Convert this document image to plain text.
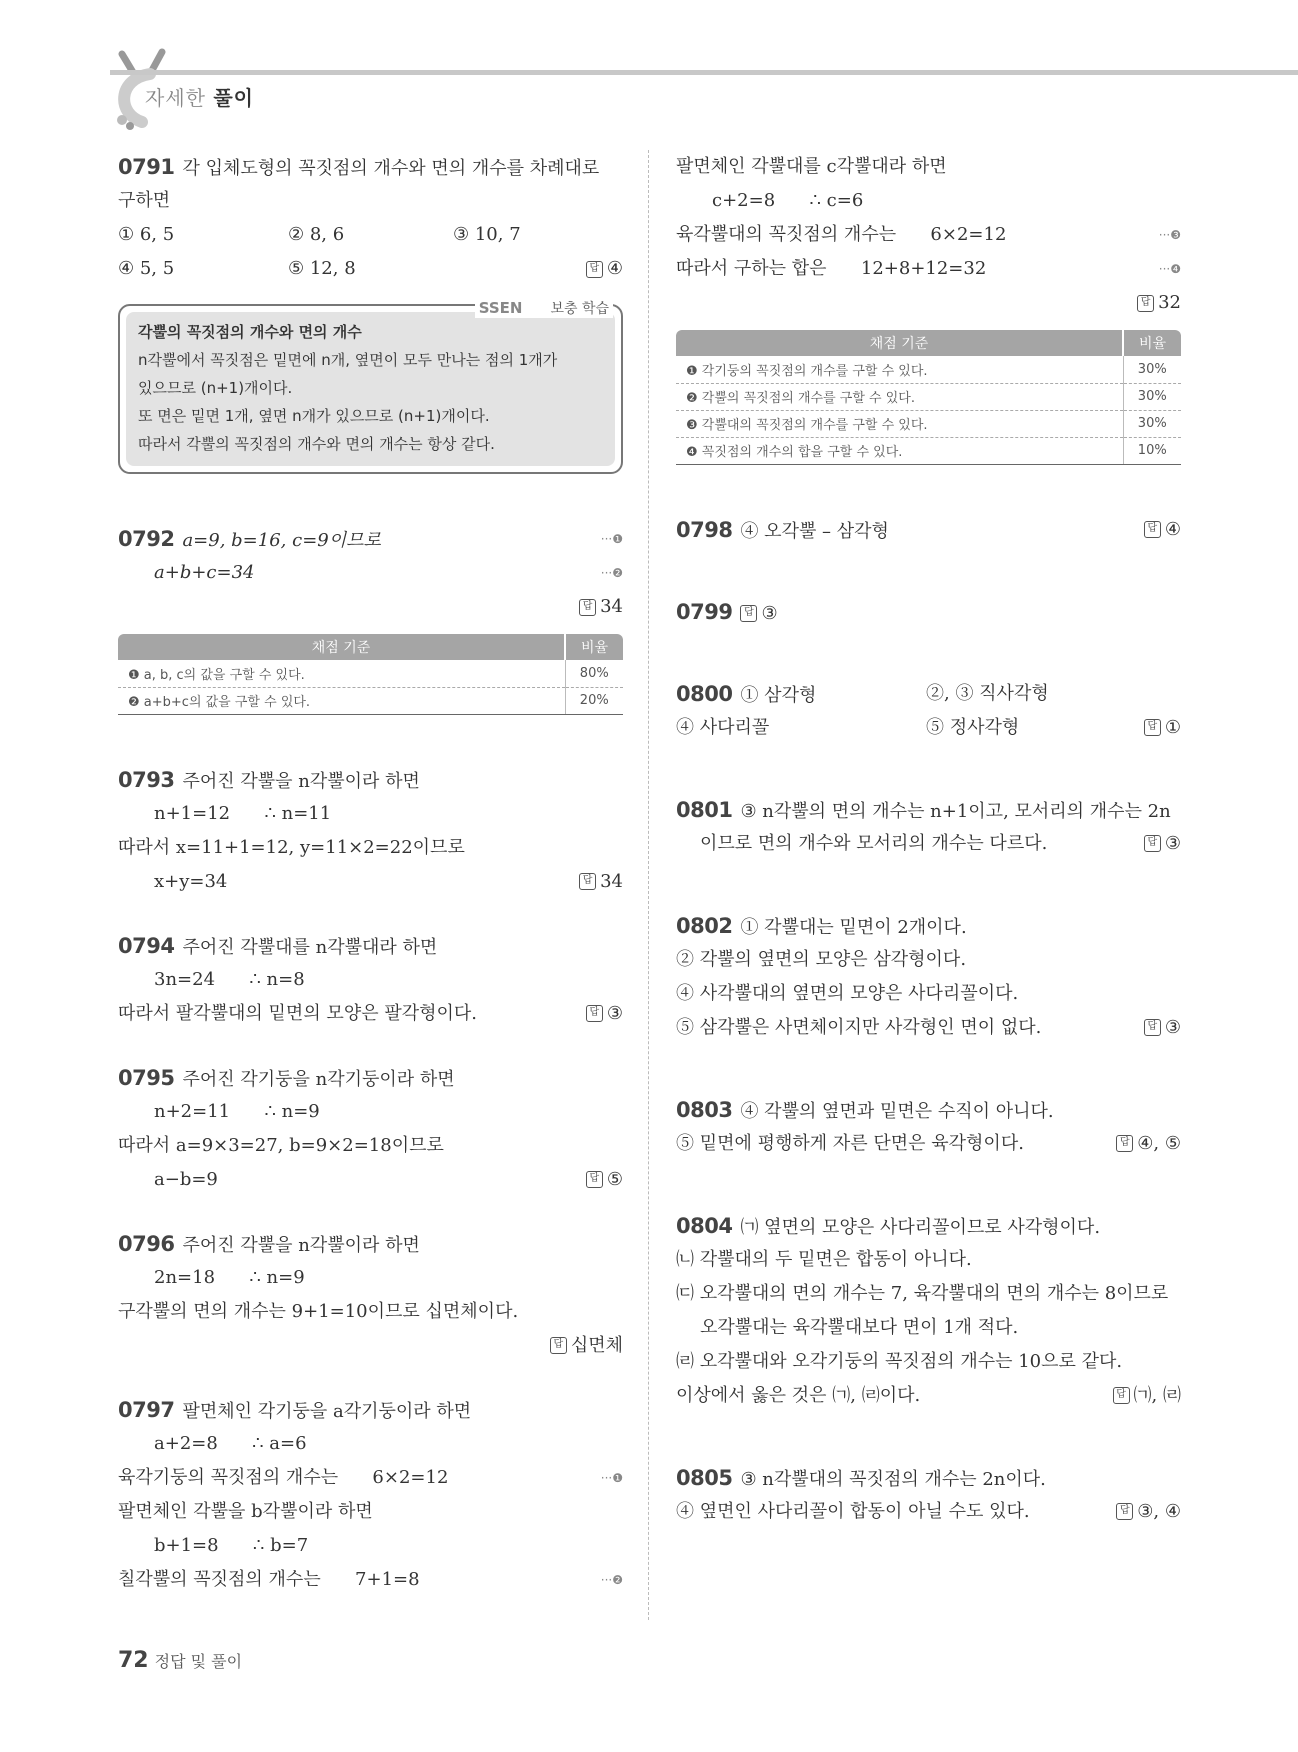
자세한 풀이
0791 각 입체도형의 꼭짓점의 개수와 면의 개수를 차례대로
구하면
① 6, 5	② 8, 6	③ 10, 7
④ 5, 5	⑤ 12, 8	답 ④
SSEN 보충 학습
각뿔의 꼭짓점의 개수와 면의 개수
n각뿔에서 꼭짓점은 밑면에 n개, 옆면이 모두 만나는 점의 1개가
있으므로 (n+1)개이다.
또 면은 밑면 1개, 옆면 n개가 있으므로 (n+1)개이다.
따라서 각뿔의 꼭짓점의 개수와 면의 개수는 항상 같다.
0792 a=9, b=16, c=9이므로	···❶
a+b+c=34	···❷
답 34
채점 기준	비율
❶ a, b, c의 값을 구할 수 있다.	80%
❷ a+b+c의 값을 구할 수 있다.	20%
0793 주어진 각뿔을 n각뿔이라 하면
n+1=12      ∴ n=11
따라서 x=11+1=12, y=11×2=22이므로
x+y=34	답 34
0794 주어진 각뿔대를 n각뿔대라 하면
3n=24      ∴ n=8
따라서 팔각뿔대의 밑면의 모양은 팔각형이다.	답 ③
0795 주어진 각기둥을 n각기둥이라 하면
n+2=11      ∴ n=9
따라서 a=9×3=27, b=9×2=18이므로
a−b=9	답 ⑤
0796 주어진 각뿔을 n각뿔이라 하면
2n=18      ∴ n=9
구각뿔의 면의 개수는 9+1=10이므로 십면체이다.
답 십면체
0797 팔면체인 각기둥을 a각기둥이라 하면
a+2=8      ∴ a=6
육각기둥의 꼭짓점의 개수는      6×2=12	···❶
팔면체인 각뿔을 b각뿔이라 하면
b+1=8      ∴ b=7
칠각뿔의 꼭짓점의 개수는      7+1=8	···❷
팔면체인 각뿔대를 c각뿔대라 하면
c+2=8      ∴ c=6
육각뿔대의 꼭짓점의 개수는      6×2=12	···❸
따라서 구하는 합은      12+8+12=32	···❹
답 32
채점 기준	비율
❶ 각기둥의 꼭짓점의 개수를 구할 수 있다.	30%
❷ 각뿔의 꼭짓점의 개수를 구할 수 있다.	30%
❸ 각뿔대의 꼭짓점의 개수를 구할 수 있다.	30%
❹ 꼭짓점의 개수의 합을 구할 수 있다.	10%
0798 ④ 오각뿔 – 삼각형	답 ④
0799 답 ③
0800 ① 삼각형	②, ③ 직사각형
④ 사다리꼴	⑤ 정사각형	답 ①
0801 ③ n각뿔의 면의 개수는 n+1이고, 모서리의 개수는 2n
이므로 면의 개수와 모서리의 개수는 다르다.	답 ③
0802 ① 각뿔대는 밑면이 2개이다.
② 각뿔의 옆면의 모양은 삼각형이다.
④ 사각뿔대의 옆면의 모양은 사다리꼴이다.
⑤ 삼각뿔은 사면체이지만 사각형인 면이 없다.	답 ③
0803 ④ 각뿔의 옆면과 밑면은 수직이 아니다.
⑤ 밑면에 평행하게 자른 단면은 육각형이다.	답 ④, ⑤
0804 ㈀ 옆면의 모양은 사다리꼴이므로 사각형이다.
㈁ 각뿔대의 두 밑면은 합동이 아니다.
㈂ 오각뿔대의 면의 개수는 7, 육각뿔대의 면의 개수는 8이므로
오각뿔대는 육각뿔대보다 면이 1개 적다.
㈃ 오각뿔대와 오각기둥의 꼭짓점의 개수는 10으로 같다.
이상에서 옳은 것은 ㈀, ㈃이다.	답 ㈀, ㈃
0805 ③ n각뿔대의 꼭짓점의 개수는 2n이다.
④ 옆면인 사다리꼴이 합동이 아닐 수도 있다.	답 ③, ④
72 정답 및 풀이
